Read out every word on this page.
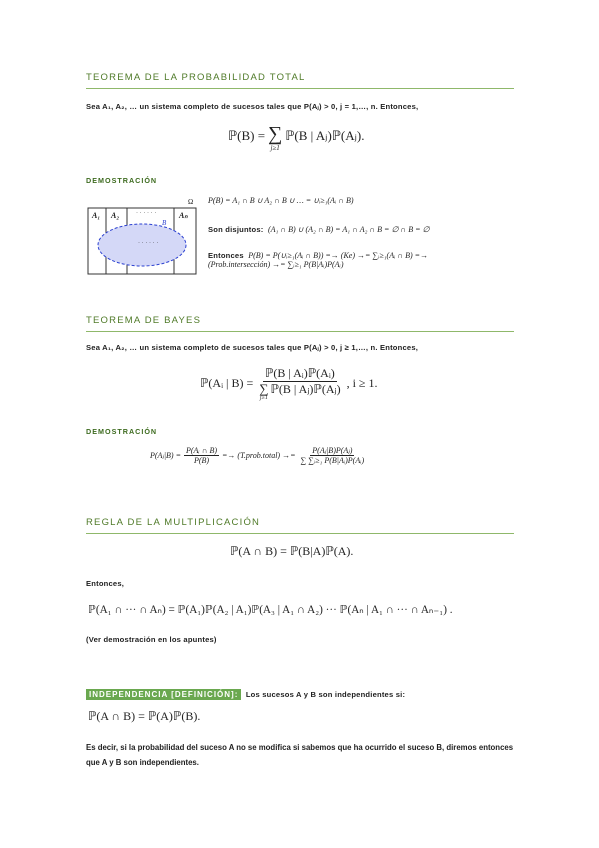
TEOREMA DE LA PROBABILIDAD TOTAL
Sea A₁, A₂, … un sistema completo de sucesos tales que P(Aⱼ) > 0, j = 1,…, n. Entonces,
ℙ(B) = ∑
j≥1
ℙ(B | Aⱼ)ℙ(Aⱼ).
DEMOSTRACIÓN
Ω
A₁ A₂	Aₙ
· · · · · ·
· · · · · ·
B
P(B) = A₁ ∩ B ∪ A₂ ∩ B ∪ … = ∪ᵢ≥₁(Aᵢ ∩ B)
Son disjuntos: (A₁ ∩ B) ∪ (A₂ ∩ B) = A₁ ∩ A₂ ∩ B = ∅ ∩ B = ∅
Entonces P(B) = P(∪ᵢ≥₁(Aᵢ ∩ B)) =→ (Ke) →= ∑ᵢ≥₁(Aᵢ ∩ B) =→
(Prob.intersección) →= ∑ᵢ≥₁ P(B|Aᵢ)P(Aᵢ)
TEOREMA DE BAYES
Sea A₁, A₂, … un sistema completo de sucesos tales que P(Aⱼ) > 0, j ≥ 1,…, n. Entonces,
ℙ(Aᵢ | B) = ℙ(B | Aᵢ)ℙ(Aᵢ)
∑
j≥1
ℙ(B | Aⱼ)ℙ(Aⱼ) , i ≥ 1.
DEMOSTRACIÓN
P(Aⱼ|B) = $\frac{\text{P(Aᵢ ∩ B)}}{P(B)}$ =→ (T.prob.total) →= $\frac{\text{P(Aⱼ|B)P(Aⱼ)}}{\text{∑ ∑ᵢ≥₁ P(B|Aᵢ)P(Aᵢ)}}$
REGLA DE LA MULTIPLICACIÓN
ℙ(A ∩ B) = ℙ(B|A)ℙ(A).
Entonces,
ℙ(A₁ ∩ ··· ∩ Aₙ) = ℙ(A₁)ℙ(A₂ | A₁)ℙ(A₃ | A₁ ∩ A₂) ··· ℙ(Aₙ | A₁ ∩ ··· ∩ Aₙ₋₁) .
(Ver demostración en los apuntes)
INDEPENDENCIA [DEFINICIÓN]: Los sucesos A y B son independientes si:
ℙ(A ∩ B) = ℙ(A)ℙ(B).
Es decir, si la probabilidad del suceso A no se modifica si sabemos que ha ocurrido el suceso B, diremos entonces que A y B son independientes.
